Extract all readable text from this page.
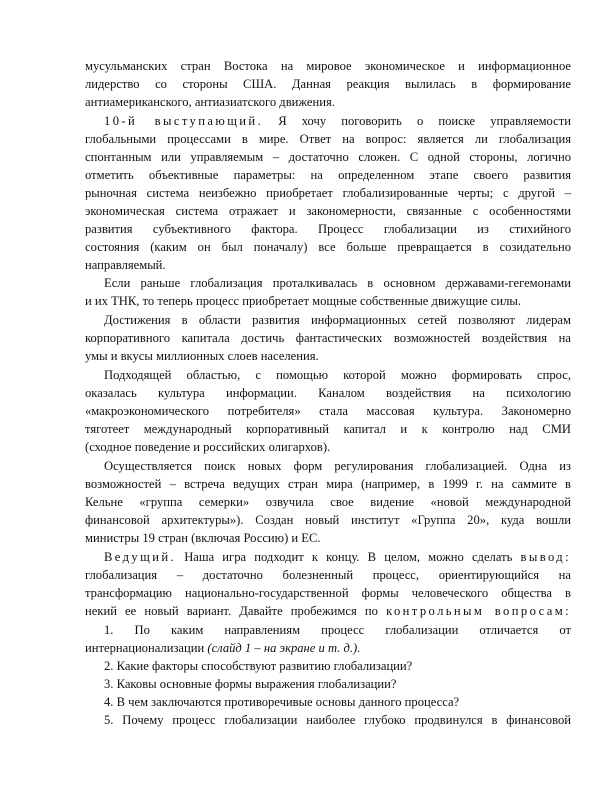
мусульманских стран Востока на мировое экономическое и информационное
лидерство со стороны США. Данная реакция вылилась в формирование
антиамериканского, антиазиатского движения.
10-й выступающий. Я хочу поговорить о поиске управляемости
глобальными процессами в мире. Ответ на вопрос: является ли глобализация
спонтанным или управляемым – достаточно сложен. С одной стороны, логично
отметить объективные параметры: на определенном этапе своего развития
рыночная система неизбежно приобретает глобализированные черты; с другой –
экономическая система отражает и закономерности, связанные с особенностями
развития субъективного фактора. Процесс глобализации из стихийного
состояния (каким он был поначалу) все больше превращается в созидательно
направляемый.
Если раньше глобализация проталкивалась в основном державами-гегемонами
и их ТНК, то теперь процесс приобретает мощные собственные движущие силы.
Достижения в области развития информационных сетей позволяют лидерам
корпоративного капитала достичь фантастических возможностей воздействия на
умы и вкусы миллионных слоев населения.
Подходящей областью, с помощью которой можно формировать спрос,
оказалась культура информации. Каналом воздействия на психологию
«макроэкономического потребителя» стала массовая культура. Закономерно
тяготеет международный корпоративный капитал и к контролю над СМИ
(сходное поведение и российских олигархов).
Осуществляется поиск новых форм регулирования глобализацией. Одна из
возможностей – встреча ведущих стран мира (например, в 1999 г. на саммите в
Кельне «группа семерки» озвучила свое видение «новой международной
финансовой архитектуры»). Создан новый институт «Группа 20», куда вошли
министры 19 стран (включая Россию) и ЕС.
Ведущий. Наша игра подходит к концу. В целом, можно сделать вывод:
глобализация – достаточно болезненный процесс, ориентирующийся на
трансформацию национально-государственной формы человеческого общества в
некий ее новый вариант. Давайте пробежимся по контрольным вопросам:
1. По каким направлениям процесс глобализации отличается от
интернационализации (слайд 1 – на экране и т. д.).
2. Какие факторы способствуют развитию глобализации?
3. Каковы основные формы выражения глобализации?
4. В чем заключаются противоречивые основы данного процесса?
5. Почему процесс глобализации наиболее глубоко продвинулся в финансовой
